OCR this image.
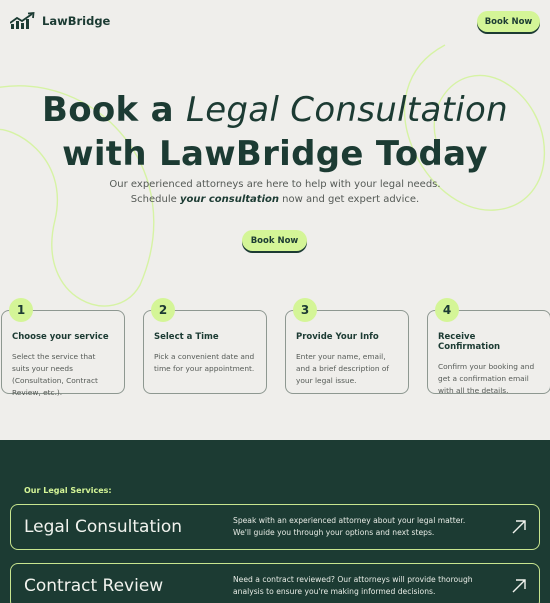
LawBridge	Book Now
Book a Legal Consultation
with LawBridge Today

Our experienced attorneys are here to help with your legal needs.
Schedule your consultation now and get expert advice.

Book Now
Choose your service
Select the service that suits your needs (Consultation, Contract Review, etc.).
1
Select a Time
Pick a convenient date and time for your appointment.
2
Provide Your Info
Enter your name, email, and a brief description of your legal issue.
3
Receive Confirmation
Confirm your booking and get a confirmation email with all the details.
4
Our Legal Services:
Legal Consultation	Speak with an experienced attorney about your legal matter. We'll guide you through your options and next steps.
Contract Review	Need a contract reviewed? Our attorneys will provide thorough analysis to ensure you're making informed decisions.
